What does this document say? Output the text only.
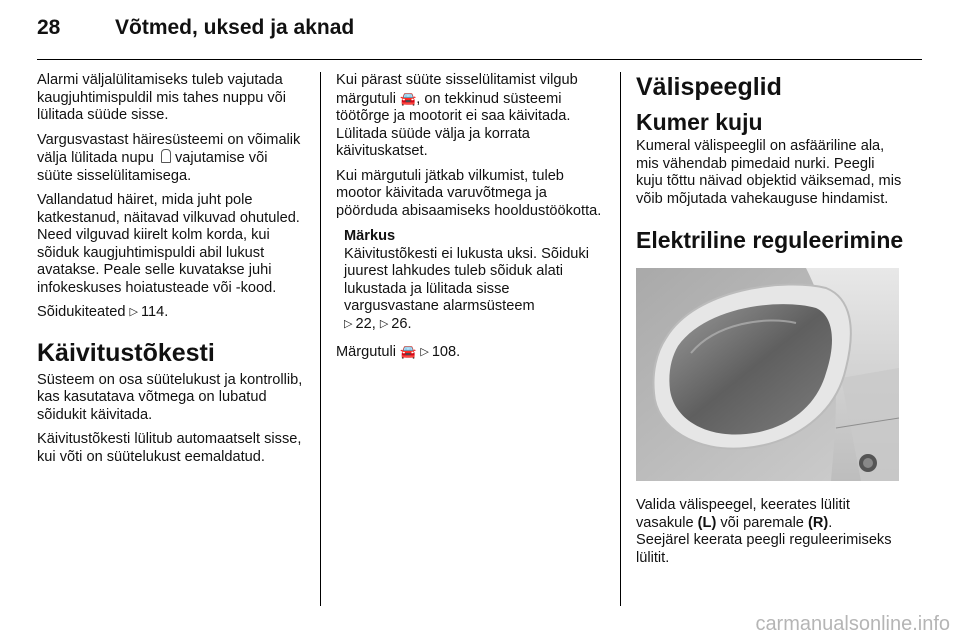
28	Võtmed, uksed ja aknad

Alarmi väljalülitamiseks tuleb vajutada kaugjuhtimispuldil mis tahes nuppu või lülitada süüde sisse.

Vargusvastast häiresüsteemi on võimalik välja lülitada nupu vajutamise või süüte sisselülitamisega.

Vallandatud häiret, mida juht pole katkestanud, näitavad vilkuvad ohutuled. Need vilguvad kiirelt kolm korda, kui sõiduk kaugjuhtimispuldi abil lukust avatakse. Peale selle kuvatakse juhi infokeskuses hoiatusteade või -kood.

Sõidukiteated ▷ 114.

Käivitustõkesti

Süsteem on osa süütelukust ja kontrollib, kas kasutatava võtmega on lubatud sõidukit käivitada.

Käivitustõkesti lülitub automaatselt sisse, kui võti on süütelukust eemaldatud.

Kui pärast süüte sisselülitamist vilgub märgutuli 🚘, on tekkinud süsteemi töötõrge ja mootorit ei saa käivitada. Lülitada süüde välja ja korrata käivituskatset.

Kui märgutuli jätkab vilkumist, tuleb mootor käivitada varuvõtmega ja pöörduda abisaamiseks hooldustöökotta.

Märkus
Käivitustõkesti ei lukusta uksi. Sõiduki juurest lahkudes tuleb sõiduk alati lukustada ja lülitada sisse vargusvastane alarmsüsteem
▷ 22, ▷ 26.

Märgutuli 🚘 ▷ 108.

Välispeeglid
Kumer kuju

Kumeral välispeeglil on asfääriline ala, mis vähendab pimedaid nurki. Peegli kuju tõttu näivad objektid väiksemad, mis võib mõjutada vahekauguse hindamist.

Elektriline reguleerimine

Valida välispeegel, keerates lülitit vasakule (L) või paremale (R).
Seejärel keerata peegli reguleerimiseks lülitit.

carmanualsonline.info
